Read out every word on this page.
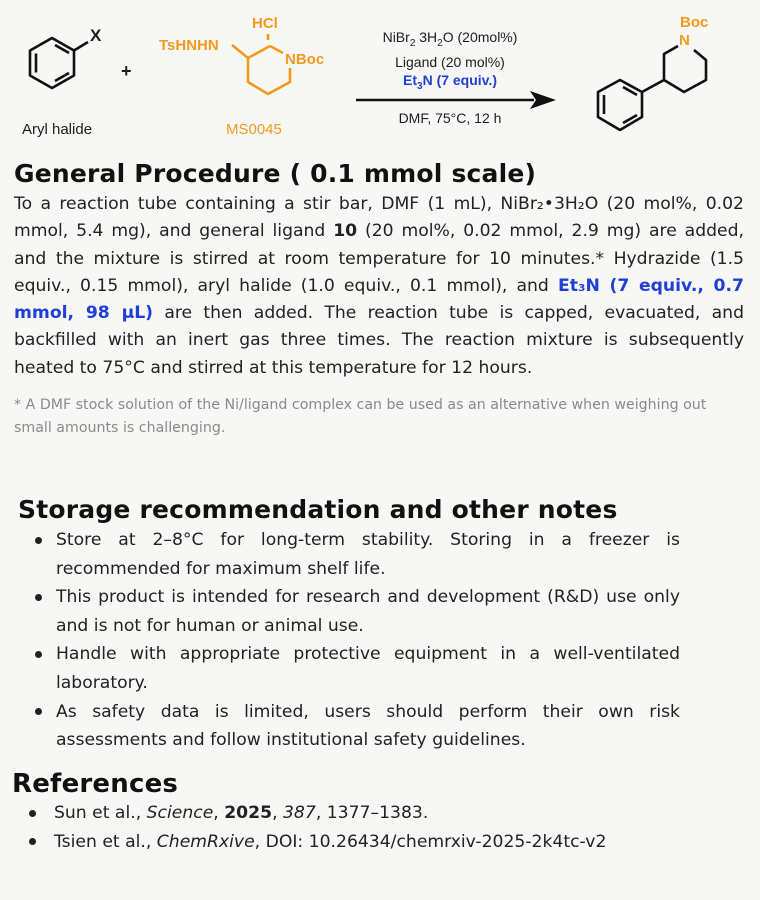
X
+
Aryl halide
HCl
TsHNHN
NBoc
MS0045
NiBr$_2$ $3H_2O$ (20mol%)
Ligand (20 mol%)
$Et_3N$ (7 equiv.)
DMF, 75°C, 12 h
Boc
N
General Procedure ( 0.1 mmol scale)
To a reaction tube containing a stir bar, DMF (1 mL), NiBr₂•3H₂O (20 mol%, 0.02 mmol, 5.4 mg), and general ligand 10 (20 mol%, 0.02 mmol, 2.9 mg) are added, and the mixture is stirred at room temperature for 10 minutes.* Hydrazide (1.5 equiv., 0.15 mmol), aryl halide (1.0 equiv., 0.1 mmol), and Et₃N (7 equiv., 0.7 mmol, 98 μL) are then added. The reaction tube is capped, evacuated, and backfilled with an inert gas three times. The reaction mixture is subsequently heated to 75°C and stirred at this temperature for 12 hours.
* A DMF stock solution of the Ni/ligand complex can be used as an alternative when weighing out small amounts is challenging.
Storage recommendation and other notes
Store at 2–8°C for long-term stability. Storing in a freezer is recommended for maximum shelf life.
This product is intended for research and development (R&D) use only and is not for human or animal use.
Handle with appropriate protective equipment in a well-ventilated laboratory.
As safety data is limited, users should perform their own risk assessments and follow institutional safety guidelines.
References
Sun et al., Science, 2025, 387, 1377–1383.
Tsien et al., ChemRxive, DOI: 10.26434/chemrxiv-2025-2k4tc-v2
